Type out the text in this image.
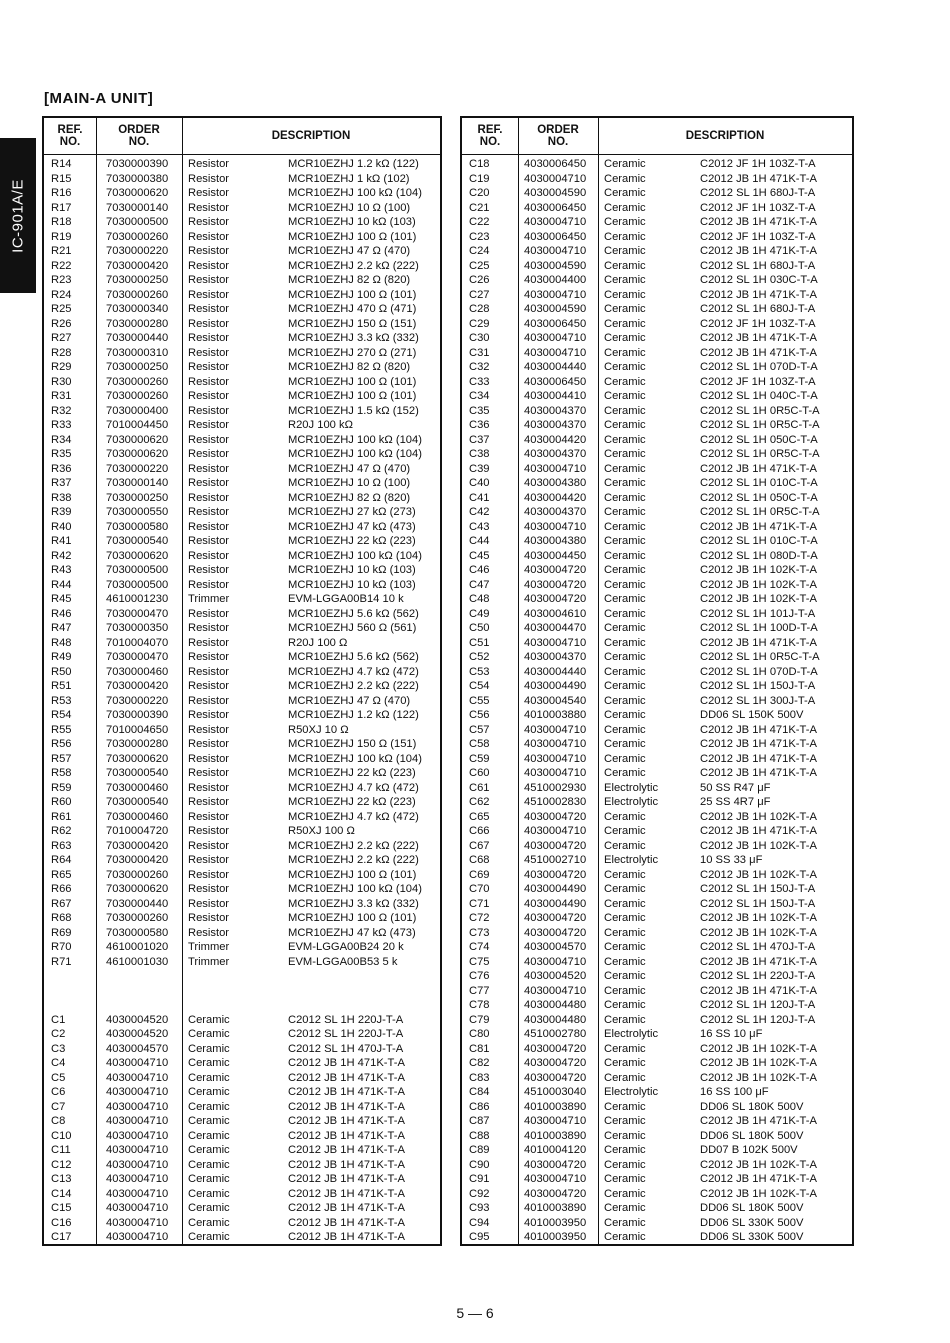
IC-901A/E
[MAIN-A UNIT]
REF.
NO.
ORDER
NO.	DESCRIPTION
R14	7030000390 Resistor	MCR10EZHJ 1.2 kΩ (122)
R15	7030000380 Resistor	MCR10EZHJ 1 kΩ (102)
R16	7030000620 Resistor	MCR10EZHJ 100 kΩ (104)
R17	7030000140 Resistor	MCR10EZHJ 10 Ω (100)
R18	7030000500 Resistor	MCR10EZHJ 10 kΩ (103)
R19	7030000260 Resistor	MCR10EZHJ 100 Ω (101)
R21	7030000220 Resistor	MCR10EZHJ 47 Ω (470)
R22	7030000420 Resistor	MCR10EZHJ 2.2 kΩ (222)
R23	7030000250 Resistor	MCR10EZHJ 82 Ω (820)
R24	7030000260 Resistor	MCR10EZHJ 100 Ω (101)
R25	7030000340 Resistor	MCR10EZHJ 470 Ω (471)
R26	7030000280 Resistor	MCR10EZHJ 150 Ω (151)
R27	7030000440 Resistor	MCR10EZHJ 3.3 kΩ (332)
R28	7030000310 Resistor	MCR10EZHJ 270 Ω (271)
R29	7030000250 Resistor	MCR10EZHJ 82 Ω (820)
R30	7030000260 Resistor	MCR10EZHJ 100 Ω (101)
R31	7030000260 Resistor	MCR10EZHJ 100 Ω (101)
R32	7030000400 Resistor	MCR10EZHJ 1.5 kΩ (152)
R33	7010004450 Resistor	R20J 100 kΩ
R34	7030000620 Resistor	MCR10EZHJ 100 kΩ (104)
R35	7030000620 Resistor	MCR10EZHJ 100 kΩ (104)
R36	7030000220 Resistor	MCR10EZHJ 47 Ω (470)
R37	7030000140 Resistor	MCR10EZHJ 10 Ω (100)
R38	7030000250 Resistor	MCR10EZHJ 82 Ω (820)
R39	7030000550 Resistor	MCR10EZHJ 27 kΩ (273)
R40	7030000580 Resistor	MCR10EZHJ 47 kΩ (473)
R41	7030000540 Resistor	MCR10EZHJ 22 kΩ (223)
R42	7030000620 Resistor	MCR10EZHJ 100 kΩ (104)
R43	7030000500 Resistor	MCR10EZHJ 10 kΩ (103)
R44	7030000500 Resistor	MCR10EZHJ 10 kΩ (103)
R45	4610001230 Trimmer	EVM-LGGA00B14 10 k
R46	7030000470 Resistor	MCR10EZHJ 5.6 kΩ (562)
R47	7030000350 Resistor	MCR10EZHJ 560 Ω (561)
R48	7010004070 Resistor	R20J 100 Ω
R49	7030000470 Resistor	MCR10EZHJ 5.6 kΩ (562)
R50	7030000460 Resistor	MCR10EZHJ 4.7 kΩ (472)
R51	7030000420 Resistor	MCR10EZHJ 2.2 kΩ (222)
R53	7030000220 Resistor	MCR10EZHJ 47 Ω (470)
R54	7030000390 Resistor	MCR10EZHJ 1.2 kΩ (122)
R55	7010004650 Resistor	R50XJ 10 Ω
R56	7030000280 Resistor	MCR10EZHJ 150 Ω (151)
R57	7030000620 Resistor	MCR10EZHJ 100 kΩ (104)
R58	7030000540 Resistor	MCR10EZHJ 22 kΩ (223)
R59	7030000460 Resistor	MCR10EZHJ 4.7 kΩ (472)
R60	7030000540 Resistor	MCR10EZHJ 22 kΩ (223)
R61	7030000460 Resistor	MCR10EZHJ 4.7 kΩ (472)
R62	7010004720 Resistor	R50XJ 100 Ω
R63	7030000420 Resistor	MCR10EZHJ 2.2 kΩ (222)
R64	7030000420 Resistor	MCR10EZHJ 2.2 kΩ (222)
R65	7030000260 Resistor	MCR10EZHJ 100 Ω (101)
R66	7030000620 Resistor	MCR10EZHJ 100 kΩ (104)
R67	7030000440 Resistor	MCR10EZHJ 3.3 kΩ (332)
R68	7030000260 Resistor	MCR10EZHJ 100 Ω (101)
R69	7030000580 Resistor	MCR10EZHJ 47 kΩ (473)
R70	4610001020 Trimmer	EVM-LGGA00B24 20 k
R71	4610001030 Trimmer	EVM-LGGA00B53 5 k
C1	4030004520 Ceramic	C2012 SL 1H 220J-T-A
C2	4030004520 Ceramic	C2012 SL 1H 220J-T-A
C3	4030004570 Ceramic	C2012 SL 1H 470J-T-A
C4	4030004710 Ceramic	C2012 JB 1H 471K-T-A
C5	4030004710 Ceramic	C2012 JB 1H 471K-T-A
C6	4030004710 Ceramic	C2012 JB 1H 471K-T-A
C7	4030004710 Ceramic	C2012 JB 1H 471K-T-A
C8	4030004710 Ceramic	C2012 JB 1H 471K-T-A
C10	4030004710 Ceramic	C2012 JB 1H 471K-T-A
C11	4030004710 Ceramic	C2012 JB 1H 471K-T-A
C12	4030004710 Ceramic	C2012 JB 1H 471K-T-A
C13	4030004710 Ceramic	C2012 JB 1H 471K-T-A
C14	4030004710 Ceramic	C2012 JB 1H 471K-T-A
C15	4030004710 Ceramic	C2012 JB 1H 471K-T-A
C16	4030004710 Ceramic	C2012 JB 1H 471K-T-A
C17	4030004710 Ceramic	C2012 JB 1H 471K-T-A
REF.
NO.
ORDER
NO.	DESCRIPTION
C18	4030006450 Ceramic	C2012 JF 1H 103Z-T-A
C19	4030004710 Ceramic	C2012 JB 1H 471K-T-A
C20	4030004590 Ceramic	C2012 SL 1H 680J-T-A
C21	4030006450 Ceramic	C2012 JF 1H 103Z-T-A
C22	4030004710 Ceramic	C2012 JB 1H 471K-T-A
C23	4030006450 Ceramic	C2012 JF 1H 103Z-T-A
C24	4030004710 Ceramic	C2012 JB 1H 471K-T-A
C25	4030004590 Ceramic	C2012 SL 1H 680J-T-A
C26	4030004400 Ceramic	C2012 SL 1H 030C-T-A
C27	4030004710 Ceramic	C2012 JB 1H 471K-T-A
C28	4030004590 Ceramic	C2012 SL 1H 680J-T-A
C29	4030006450 Ceramic	C2012 JF 1H 103Z-T-A
C30	4030004710 Ceramic	C2012 JB 1H 471K-T-A
C31	4030004710 Ceramic	C2012 JB 1H 471K-T-A
C32	4030004440 Ceramic	C2012 SL 1H 070D-T-A
C33	4030006450 Ceramic	C2012 JF 1H 103Z-T-A
C34	4030004410 Ceramic	C2012 SL 1H 040C-T-A
C35	4030004370 Ceramic	C2012 SL 1H 0R5C-T-A
C36	4030004370 Ceramic	C2012 SL 1H 0R5C-T-A
C37	4030004420 Ceramic	C2012 SL 1H 050C-T-A
C38	4030004370 Ceramic	C2012 SL 1H 0R5C-T-A
C39	4030004710 Ceramic	C2012 JB 1H 471K-T-A
C40	4030004380 Ceramic	C2012 SL 1H 010C-T-A
C41	4030004420 Ceramic	C2012 SL 1H 050C-T-A
C42	4030004370 Ceramic	C2012 SL 1H 0R5C-T-A
C43	4030004710 Ceramic	C2012 JB 1H 471K-T-A
C44	4030004380 Ceramic	C2012 SL 1H 010C-T-A
C45	4030004450 Ceramic	C2012 SL 1H 080D-T-A
C46	4030004720 Ceramic	C2012 JB 1H 102K-T-A
C47	4030004720 Ceramic	C2012 JB 1H 102K-T-A
C48	4030004720 Ceramic	C2012 JB 1H 102K-T-A
C49	4030004610 Ceramic	C2012 SL 1H 101J-T-A
C50	4030004470 Ceramic	C2012 SL 1H 100D-T-A
C51	4030004710 Ceramic	C2012 JB 1H 471K-T-A
C52	4030004370 Ceramic	C2012 SL 1H 0R5C-T-A
C53	4030004440 Ceramic	C2012 SL 1H 070D-T-A
C54	4030004490 Ceramic	C2012 SL 1H 150J-T-A
C55	4030004540 Ceramic	C2012 SL 1H 300J-T-A
C56	4010003880 Ceramic	DD06 SL 150K 500V
C57	4030004710 Ceramic	C2012 JB 1H 471K-T-A
C58	4030004710 Ceramic	C2012 JB 1H 471K-T-A
C59	4030004710 Ceramic	C2012 JB 1H 471K-T-A
C60	4030004710 Ceramic	C2012 JB 1H 471K-T-A
C61	4510002930 Electrolytic	50 SS R47 μF
C62	4510002830 Electrolytic	25 SS 4R7 μF
C65	4030004720 Ceramic	C2012 JB 1H 102K-T-A
C66	4030004710 Ceramic	C2012 JB 1H 471K-T-A
C67	4030004720 Ceramic	C2012 JB 1H 102K-T-A
C68	4510002710 Electrolytic	10 SS 33 μF
C69	4030004720 Ceramic	C2012 JB 1H 102K-T-A
C70	4030004490 Ceramic	C2012 SL 1H 150J-T-A
C71	4030004490 Ceramic	C2012 SL 1H 150J-T-A
C72	4030004720 Ceramic	C2012 JB 1H 102K-T-A
C73	4030004720 Ceramic	C2012 JB 1H 102K-T-A
C74	4030004570 Ceramic	C2012 SL 1H 470J-T-A
C75	4030004710 Ceramic	C2012 JB 1H 471K-T-A
C76	4030004520 Ceramic	C2012 SL 1H 220J-T-A
C77	4030004710 Ceramic	C2012 JB 1H 471K-T-A
C78	4030004480 Ceramic	C2012 SL 1H 120J-T-A
C79	4030004480 Ceramic	C2012 SL 1H 120J-T-A
C80	4510002780 Electrolytic	16 SS 10 μF
C81	4030004720 Ceramic	C2012 JB 1H 102K-T-A
C82	4030004720 Ceramic	C2012 JB 1H 102K-T-A
C83	4030004720 Ceramic	C2012 JB 1H 102K-T-A
C84	4510003040 Electrolytic	16 SS 100 μF
C86	4010003890 Ceramic	DD06 SL 180K 500V
C87	4030004710 Ceramic	C2012 JB 1H 471K-T-A
C88	4010003890 Ceramic	DD06 SL 180K 500V
C89	4010004120 Ceramic	DD07 B 102K 500V
C90	4030004720 Ceramic	C2012 JB 1H 102K-T-A
C91	4030004710 Ceramic	C2012 JB 1H 471K-T-A
C92	4030004720 Ceramic	C2012 JB 1H 102K-T-A
C93	4010003890 Ceramic	DD06 SL 180K 500V
C94	4010003950 Ceramic	DD06 SL 330K 500V
C95	4010003950 Ceramic	DD06 SL 330K 500V
5 — 6
